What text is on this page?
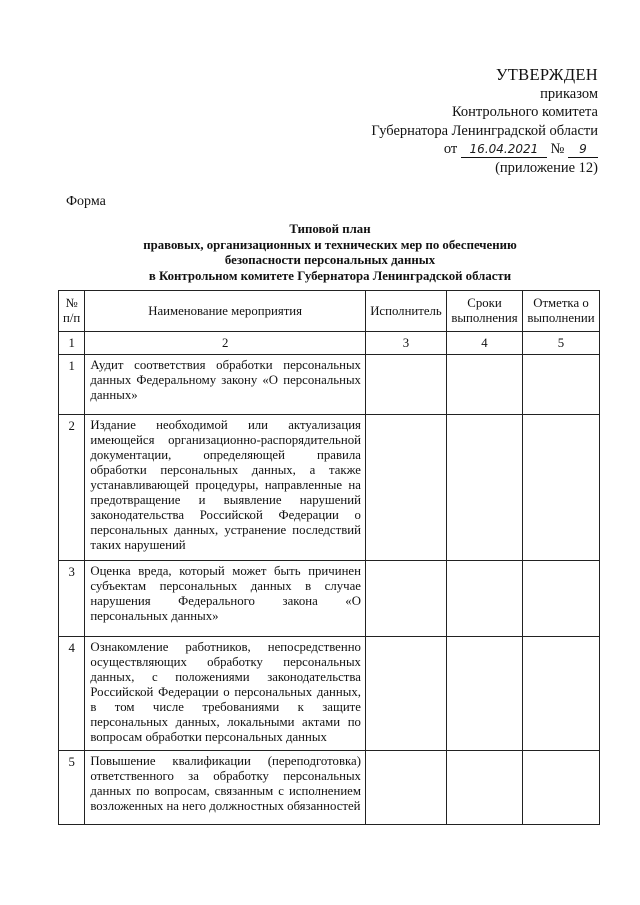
УТВЕРЖДЕН
приказом
Контрольного комитета
Губернатора Ленинградской области
от 16.04.2021 № 9
(приложение 12)
Форма
Типовой план
правовых, организационных и технических мер по обеспечению
безопасности персональных данных
в Контрольном комитете Губернатора Ленинградской области
№ п/п	Наименование мероприятия	Исполнитель	Сроки выполнения	Отметка о выполнении
1	2	3	4	5
1	Аудит соответствия обработки персональных данных Федеральному закону «О персональных данных»			
2	Издание необходимой или актуализация имеющейся организационно-распорядительной документации, определяющей правила обработки персональных данных, а также устанавливающей процедуры, направленные на предотвращение и выявление нарушений законодательства Российской Федерации о персональных данных, устранение последствий таких нарушений			
3	Оценка вреда, который может быть причинен субъектам персональных данных в случае нарушения Федерального закона «О персональных данных»			
4	Ознакомление работников, непосредственно осуществляющих обработку персональных данных, с положениями законодательства Российской Федерации о персональных данных, в том числе требованиями к защите персональных данных, локальными актами по вопросам обработки персональных данных			
5	Повышение квалификации (переподготовка) ответственного за обработку персональных данных по вопросам, связанным с исполнением возложенных на него должностных обязанностей			
